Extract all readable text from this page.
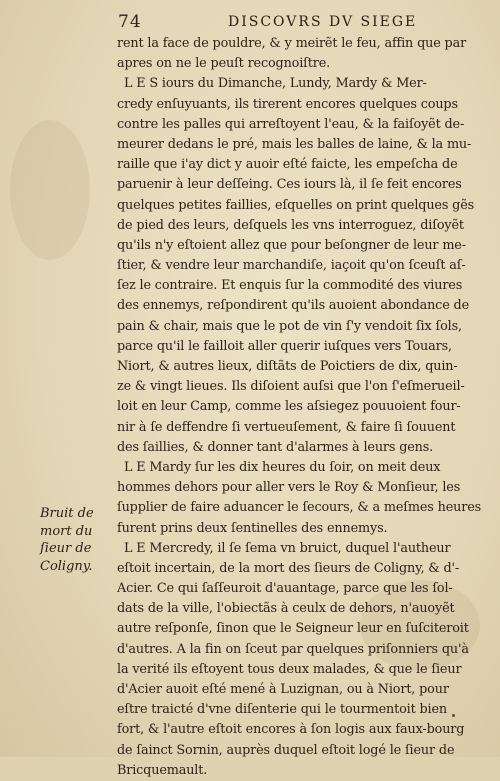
74	DISCOVRS DV SIEGE
rent la face de pouldre, & y meirẽt le feu, affin que par
apres on ne le peuſt recognoiſtre.
L E S iours du Dimanche, Lundy, Mardy & Mer-
credy enſuyuants, ils tirerent encores quelques coups
contre les palles qui arreſtoyent l'eau, & la faiſoyẽt de-
meurer dedans le pré, mais les balles de laine, & la mu-
raille que i'ay dict y auoir eſté faicte, les empeſcha de
paruenir à leur deſſeing. Ces iours là, il ſe feit encores
quelques petites faillies, eſquelles on print quelques gẽs
de pied des leurs, deſquels les vns interroguez, diſoyẽt
qu'ils n'y eſtoient allez que pour beſongner de leur me-
ſtier, & vendre leur marchandiſe, iaçoit qu'on ſceuſt aſ-
ſez le contraire. Et enquis ſur la commodité des viures
des ennemys, reſpondirent qu'ils auoient abondance de
pain & chair, mais que le pot de vin ſ'y vendoit ſix ſols,
parce qu'il le failloit aller querir iuſques vers Touars,
Niort, & autres lieux, diſtãts de Poictiers de dix, quin-
ze & vingt lieues. Ils diſoient auſsi que l'on ſ'eſmerueil-
loit en leur Camp, comme les aſsiegez pouuoient four-
nir à ſe deffendre ſi vertueuſement, & faire ſi ſouuent
des ſaillies, & donner tant d'alarmes à leurs gens.
L E Mardy ſur les dix heures du ſoir, on meit deux
hommes dehors pour aller vers le Roy & Monſieur, les
ſupplier de faire aduancer le ſecours, & a meſmes heures
furent prins deux ſentinelles des ennemys.
L E Mercredy, il ſe ſema vn bruict, duquel l'autheur
eſtoit incertain, de la mort des ſieurs de Coligny, & d'-
Acier. Ce qui ſaſſeuroit d'auantage, parce que les ſol-
dats de la ville, l'obiectãs à ceulx de dehors, n'auoyẽt
autre reſponſe, ſinon que le Seigneur leur en ſuſciteroit
d'autres. A la fin on ſceut par quelques priſonniers qu'à
la verité ils eſtoyent tous deux malades, & que le ſieur
d'Acier auoit eſté mené à Luzignan, ou à Niort, pour
eſtre traicté d'vne diſenterie qui le tourmentoit bien
fort, & l'autre eſtoit encores à ſon logis aux faux-bourg
de ſainct Sornin, auprès duquel eſtoit logé le ſieur de
Bricquemault.
Bruit de
mort du
ſieur de
Coligny.
